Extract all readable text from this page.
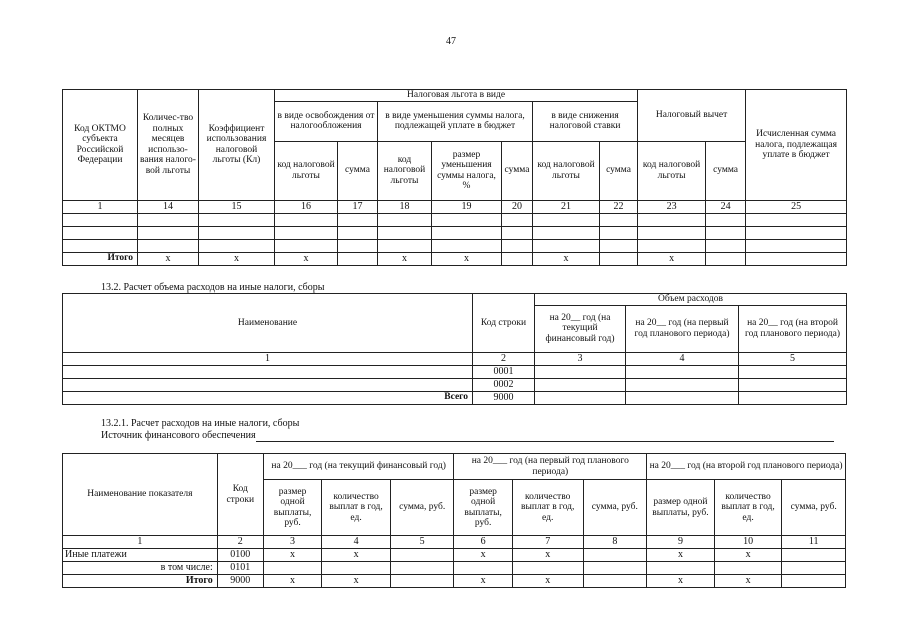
47
Код ОКТМО субъекта Российской Федерации	Количес-тво полных месяцев использо-вания налого-вой льготы	Коэффициент использования налоговой льготы (Кл)	Налоговая льгота в виде							Налоговый вычет		Исчисленная сумма налога, подлежащая уплате в бюджет
			в виде освобождения от налогообложения		в виде уменьшения суммы налога, подлежащей уплате в бюджет			в виде снижения налоговой ставки				
			код налоговой льготы	сумма	код налоговой льготы	размер уменьшения суммы налога, %	сумма	код налоговой льготы	сумма	код налоговой льготы	сумма	
1	14	15	16	17	18	19	20	21	22	23	24	25

Итого	х	х	х		х	х		х		х		
13.2. Расчет объема расходов на иные налоги, сборы
Наименование	Код строки	Объем расходов		
		на 20__ год (на текущий финансовый год)	на 20__ год (на первый год планового периода)	на 20__ год (на второй год планового периода)
1	2	3	4	5
	0001			
	0002			
Всего	9000			
13.2.1. Расчет расходов на иные налоги, сборы
Источник финансового обеспечения
Наименование показателя	Код строки	на 20___ год (на текущий финансовый год)			на 20___ год (на первый год планового периода)			на 20___ год (на второй год планового периода)		
		размер одной выплаты, руб.	количество выплат в год, ед.	сумма, руб.	размер одной выплаты, руб.	количество выплат в год, ед.	сумма, руб.	размер одной выплаты, руб.	количество выплат в год, ед.	сумма, руб.
1	2	3	4	5	6	7	8	9	10	11
Иные платежи	0100	х	х		х	х		х	х	
в том числе:	0101									
Итого	9000	х	х		х	х		х	х	
